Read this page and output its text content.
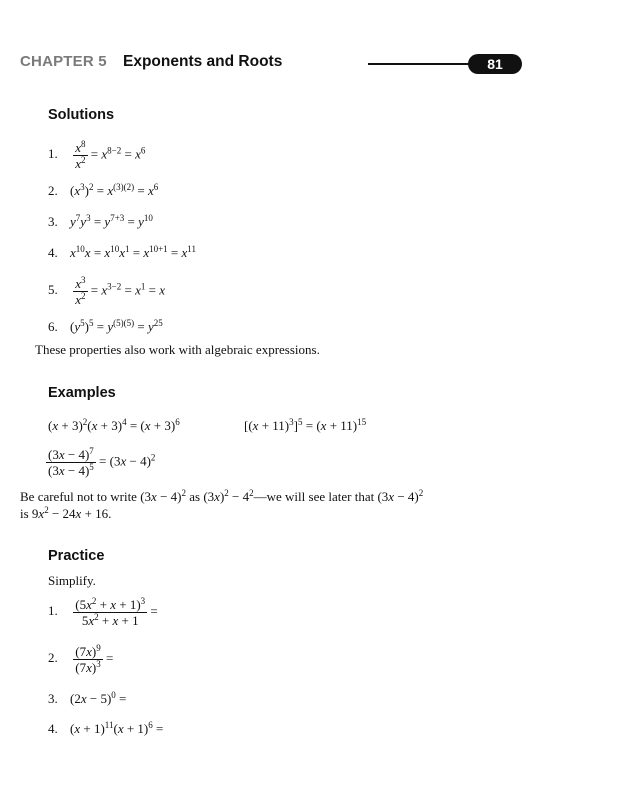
CHAPTER 5 Exponents and Roots	81
Solutions
1. $\frac{x^8}{x^2} = x^{8-2} = x^6$
2. $(x^3)^2 = x^{(3)(2)} = x^6$
3. $y^7y^3 = y^{7+3} = y^{10}$
4. $x^{10}x = x^{10}x^1 = x^{10+1} = x^{11}$
5. $\frac{x^3}{x^2} = x^{3-2} = x^1 = x$
6. $(y^5)^5 = y^{(5)(5)} = y^{25}$
These properties also work with algebraic expressions.
Examples
$(x + 3)^2(x + 3)^4 = (x + 3)^6$	$[(x + 11)^3]^5 = (x + 11)^{15}$
$\frac{(3x - 4)^7}{(3x - 4)^5} = (3x - 4)^2$
Be careful not to write $(3x - 4)^2$ as $(3x)^2$ − $4^2—we$ will see later that $(3x - 4)^2$
is $9x^2 - 24x + 16$.
Practice
Simplify.
1. $\frac{(5x^2 + x + 1)^3}{5x^2 + x + 1}$ =
2. $\frac{(7x)^9}{(7x)^3}$ =
3. $(2x - 5)^0$ =
4. $(x + 1)^{11}(x + 1)^6$ =
